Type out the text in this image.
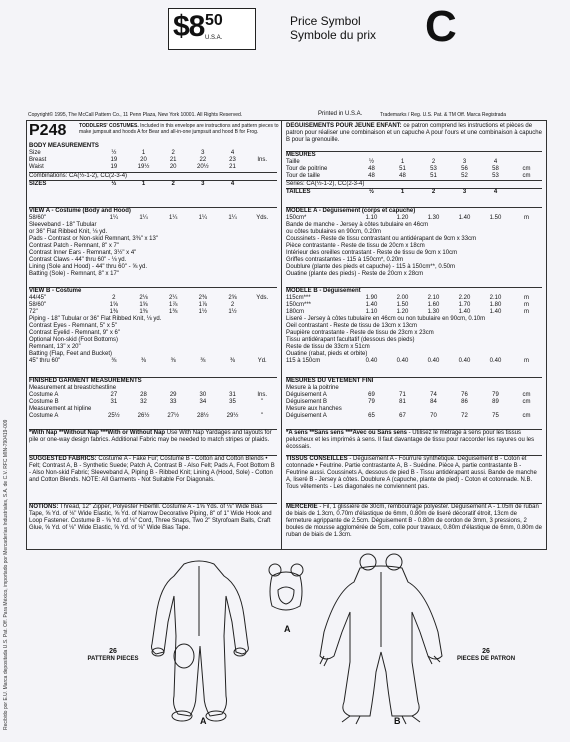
Recibido por E.U. Marca depositada U.S. Pat. Off. Para México, importado por Mercaderías Industriales, S.A. de C.V. RFC MIN-790419-009
$8 50
U.S.A.
Price Symbol
Symbole du prix C
Copyright© 1995, The McCall Pattern Co., 11 Penn Plaza, New York 10001. All Rights Reserved.	Printed in U.S.A.	Trademarks / Reg. U.S. Pat. & TM Off. Marca Registrada
P248	TODDLERS' COSTUMES. Included in this envelope are instructions and pattern pieces to make jumpsuit and hoods A for Bear and all-in-one jumpsuit and hood B for Frog.
BODY MEASUREMENTS
Size	½	1	2	3	4
Breast	19	20	21	22	23	Ins.
Waist	19	19½	20	20½	21
Combinations: CA(½-1-2), CC(2-3-4)
SIZES	½	1	2	3	4
VIEW A - Costume (Body and Hood)
58/60"	1¼	1¼	1¼	1¼	1¼	Yds.
Sleeveband - 18" Tubular
or 36" Flat Ribbed Knit, ⅛ yd.
Pads - Contrast or Non-skid Remnant, 3⅜" x 13"
Contrast Patch - Remnant, 8" x 7"
Contrast Inner Ears - Remnant, 3½" x 4"
Contrast Claws - 44" thru 60" - ⅛ yd.
Lining (Sole and Hood) - 44" thru 60" - ⅝ yd.
Batting (Sole) - Remnant, 8" x 17"
VIEW B - Costume
44/45"	2	2⅛	2¼	2⅜	2⅝	Yds.
58/60"	1⅝	1⅝	1⅞	1⅞	2
72"	1⅜	1⅜	1⅜	1½	1½
Piping - 18" Tubular or 36" Flat Ribbed Knit, ⅛ yd.
Contrast Eyes - Remnant, 5" x 5"
Contrast Eyelid - Remnant, 9" x 6"
Optional Non-skid (Foot Bottoms)
Remnant, 13" x 20"
Batting (Flap, Feet and Bucket)
45" thru 60"	⅜	⅜	⅜	⅜	⅜	Yd.
FINISHED GARMENT MEASUREMENTS
Measurement at breast/chestline
Costume A	27	28	29	30	31	Ins.
Costume B	31	32	33	34	35	"
Measurement at hipline
Costume A	25½	26½	27½	28½	29½	"
*With Nap **Without Nap ***With or Without Nap Use With Nap Yardages and layouts for pile or one-way design fabrics. Additional Fabric may be needed to match stripes or plaids.
SUGGESTED FABRICS: Costume A - Fake Fur; Costume B - Cotton and Cotton Blends • Felt; Contrast A, B - Synthetic Suede; Patch A, Contrast B - Also Felt; Pads A, Foot Bottom B - Also Non-skid Fabric; Sleeveband A, Piping B - Ribbed Knit; Lining A (Hood, Sole) - Cotton and Cotton Blends. NOTE: All Garments - Not Suitable For Diagonals.
NOTIONS: Thread, 12" Zipper, Polyester Fiberfill. Costume A - 1⅝ Yds. of ⅛" Wide Bias Tape, ⅝ Yd. of ⅛" Wide Elastic, ⅝ Yd. of Narrow Decorative Piping, 8" of 1" Wide Hook and Loop Fastener. Costume B - ⅝ Yd. of ⅛" Cord, Three Snaps, Two 2" Styrofoam Balls, Craft Glue, ⅝ Yd. of ⅛" Wide Elastic, ⅝ Yd. of ⅛" Wide Bias Tape.
DEGUISEMENTS POUR JEUNE ENFANT: ce patron comprend les instructions et pièces de patron pour réaliser une combinaison et un capuche A pour l'ours et une combinaison à capuche B pour la grenouille.
MESURES
Taille	½	1	2	3	4
Tour de poitrine	48	51	53	56	58	cm
Tour de taille	48	48	51	52	53	cm
Séries: CA(½-1-2), CC(2-3-4)
TAILLES	½	1	2	3	4
MODELE A - Déguisement (corps et capuche)
150cm*	1.10	1.20	1.30	1.40	1.50	m
Bande de manche - Jersey à côtes tubulaire en 46cm
ou côtes tubulaires en 90cm, 0.20m
Coussinets - Reste de tissu contrastant ou antidérapant de 9cm x 33cm
Pièce contrastante - Reste de tissu de 20cm x 18cm
Intérieur des oreilles contrastant - Reste de tissu de 9cm x 10cm
Griffes contrastantes - 115 à 150cm*, 0.20m
Doublure (plante des pieds et capuche) - 115 à 150cm**, 0.50m
Ouatine (plante des pieds) - Reste de 20cm x 28cm
MODELE B - Déguisement
115cm***	1.90	2.00	2.10	2.20	2.10	m
150cm***	1.40	1.50	1.60	1.70	1.80	m
180cm	1.10	1.20	1.30	1.40	1.40	m
Liseré - Jersey à côtes tubulaire en 46cm ou non tubulaire en 90cm, 0.10m
Oeil contrastant - Reste de tissu de 13cm x 13cm
Paupière contrastante - Reste de tissu de 23cm x 23cm
Tissu antidérapant facultatif (dessous des pieds)
Reste de tissu de 33cm x 51cm
Ouatine (rabat, pieds et orbite)
115 à 150cm	0.40	0.40	0.40	0.40	0.40	m
MESURES DU VETEMENT FINI
Mesure à la poitrine
Déguisement A	69	71	74	76	79	cm
Déguisement B	79	81	84	86	89	cm
Mesure aux hanches
Déguisement A	65	67	70	72	75	cm
*A sens **Sans sens ***Avec ou Sans sens - Utilisez le métrage à sens pour les tissus pelucheux et les imprimés à sens. Il faut davantage de tissu pour raccorder les rayures ou les écossais.
TISSUS CONSEILLES - Déguisement A - Fourrure synthétique. Déguisement B - Coton et cotonnade • Feutrine. Partie contrastante A, B - Suédine. Pièce A, partie contrastante B - Feutrine aussi. Coussinets A, dessous de pied B - Tissu antidérapant aussi. Bande de manche A, liseré B - Jersey à côtes. Doublure A (capuche, plante de pied) - Coton et cotonnade. N.B. Tous vêtements - Les diagonales ne conviennent pas.
MERCERIE - Fil, 1 glissière de 30cm, rembourrage polyester. Déguisement A - 1.05m de ruban de biais de 1.3cm, 0.70m d'élastique de 6mm, 0.80m de liseré décoratif étroit, 13cm de fermeture agrippante de 2.5cm. Déguisement B - 0.80m de cordon de 3mm, 3 pressions, 2 boules de mousse agglomérée de 5cm, colle pour travaux, 0.80m d'élastique de 6mm, 0.80m de ruban de biais de 1.3cm.
26
PATTERN PIECES
26
PIECES DE PATRON
A
A
B
